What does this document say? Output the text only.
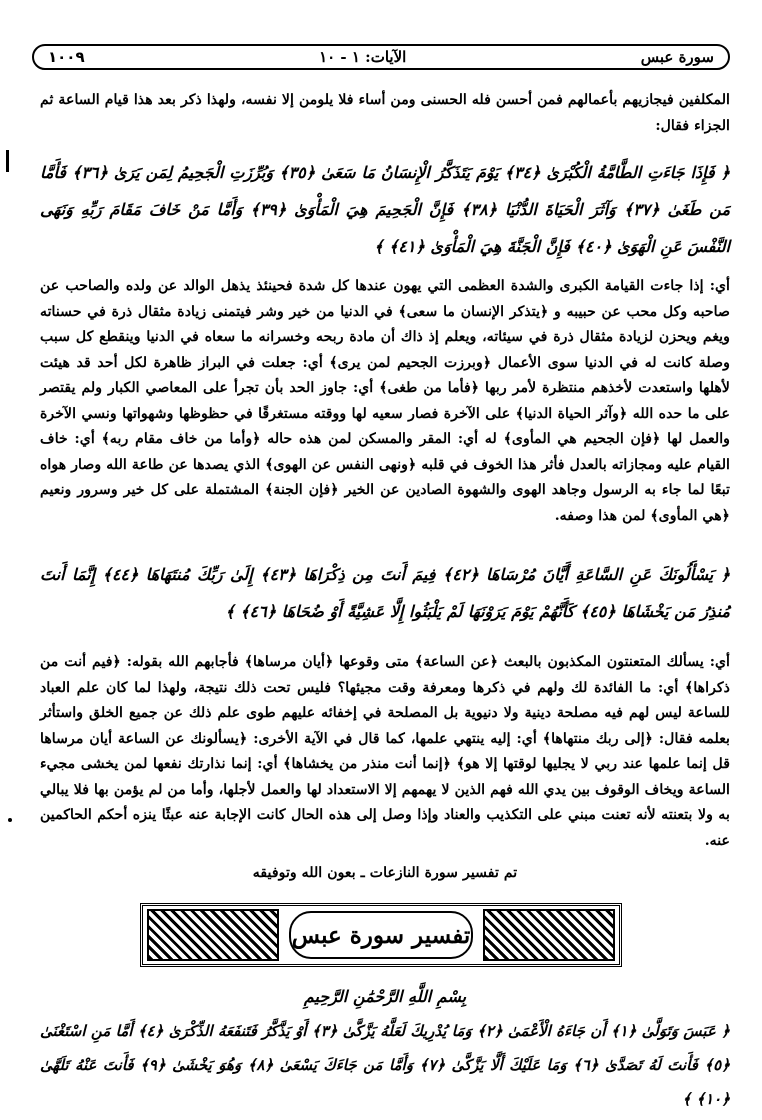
سورة عبس
الآيات: ١ - ١٠
١٠٠٩
المكلفين فيجازيهم بأعمالهم فمن أحسن فله الحسنى ومن أساء فلا يلومن إلا نفسه، ولهذا ذكر بعد هذا قيام الساعة ثم الجزاء فقال:
﴿ فَإِذَا جَاءَتِ الطَّامَّةُ الْكُبْرَىٰ ﴿٣٤﴾ يَوْمَ يَتَذَكَّرُ الْإِنسَانُ مَا سَعَىٰ ﴿٣٥﴾ وَبُرِّزَتِ الْجَحِيمُ لِمَن يَرَىٰ ﴿٣٦﴾ فَأَمَّا مَن طَغَىٰ ﴿٣٧﴾ وَآثَرَ الْحَيَاةَ الدُّنْيَا ﴿٣٨﴾ فَإِنَّ الْجَحِيمَ هِيَ الْمَأْوَىٰ ﴿٣٩﴾ وَأَمَّا مَنْ خَافَ مَقَامَ رَبِّهِ وَنَهَى النَّفْسَ عَنِ الْهَوَىٰ ﴿٤٠﴾ فَإِنَّ الْجَنَّةَ هِيَ الْمَأْوَىٰ ﴿٤١﴾ ﴾
أي: إذا جاءت القيامة الكبرى والشدة العظمى التي يهون عندها كل شدة فحينئذ يذهل الوالد عن ولده والصاحب عن صاحبه وكل محب عن حبيبه و ﴿يتذكر الإنسان ما سعى﴾ في الدنيا من خير وشر فيتمنى زيادة مثقال ذرة في حسناته ويغم ويحزن لزيادة مثقال ذرة في سيئاته، ويعلم إذ ذاك أن مادة ربحه وخسرانه ما سعاه في الدنيا وينقطع كل سبب وصلة كانت له في الدنيا سوى الأعمال ﴿وبرزت الجحيم لمن يرى﴾ أي: جعلت في البراز ظاهرة لكل أحد قد هيئت لأهلها واستعدت لأخذهم منتظرة لأمر ربها ﴿فأما من طغى﴾ أي: جاوز الحد بأن تجرأ على المعاصي الكبار ولم يقتصر على ما حده الله ﴿وآثر الحياة الدنيا﴾ على الآخرة فصار سعيه لها ووقته مستغرقًا في حظوظها وشهواتها ونسي الآخرة والعمل لها ﴿فإن الجحيم هي المأوى﴾ له أي: المقر والمسكن لمن هذه حاله ﴿وأما من خاف مقام ربه﴾ أي: خاف القيام عليه ومجازاته بالعدل فأثر هذا الخوف في قلبه ﴿ونهى النفس عن الهوى﴾ الذي يصدها عن طاعة الله وصار هواه تبعًا لما جاء به الرسول وجاهد الهوى والشهوة الصادين عن الخير ﴿فإن الجنة﴾ المشتملة على كل خير وسرور ونعيم ﴿هي المأوى﴾ لمن هذا وصفه.
﴿ يَسْأَلُونَكَ عَنِ السَّاعَةِ أَيَّانَ مُرْسَاهَا ﴿٤٢﴾ فِيمَ أَنتَ مِن ذِكْرَاهَا ﴿٤٣﴾ إِلَىٰ رَبِّكَ مُنتَهَاهَا ﴿٤٤﴾ إِنَّمَا أَنتَ مُنذِرُ مَن يَخْشَاهَا ﴿٤٥﴾ كَأَنَّهُمْ يَوْمَ يَرَوْنَهَا لَمْ يَلْبَثُوا إِلَّا عَشِيَّةً أَوْ ضُحَاهَا ﴿٤٦﴾ ﴾
أي: يسألك المتعنتون المكذبون بالبعث ﴿عن الساعة﴾ متى وقوعها ﴿أيان مرساها﴾ فأجابهم الله بقوله: ﴿فيم أنت من ذكراها﴾ أي: ما الفائدة لك ولهم في ذكرها ومعرفة وقت مجيئها؟ فليس تحت ذلك نتيجة، ولهذا لما كان علم العباد للساعة ليس لهم فيه مصلحة دينية ولا دنيوية بل المصلحة في إخفائه عليهم طوى علم ذلك عن جميع الخلق واستأثر بعلمه فقال: ﴿إلى ربك منتهاها﴾ أي: إليه ينتهي علمها، كما قال في الآية الأخرى: ﴿يسألونك عن الساعة أيان مرساها قل إنما علمها عند ربي لا يجليها لوقتها إلا هو﴾ ﴿إنما أنت منذر من يخشاها﴾ أي: إنما نذارتك نفعها لمن يخشى مجيء الساعة ويخاف الوقوف بين يدي الله فهم الذين لا يهمهم إلا الاستعداد لها والعمل لأجلها، وأما من لم يؤمن بها فلا يبالي به ولا بتعنته لأنه تعنت مبني على التكذيب والعناد وإذا وصل إلى هذه الحال كانت الإجابة عنه عبثًا ينزه أحكم الحاكمين عنه.
تم تفسير سورة النازعات ـ بعون الله وتوفيقه
تفسير سورة عبس
بِسْمِ اللَّهِ الرَّحْمَٰنِ الرَّحِيمِ
﴿ عَبَسَ وَتَوَلَّىٰ ﴿١﴾ أَن جَاءَهُ الْأَعْمَىٰ ﴿٢﴾ وَمَا يُدْرِيكَ لَعَلَّهُ يَزَّكَّىٰ ﴿٣﴾ أَوْ يَذَّكَّرُ فَتَنفَعَهُ الذِّكْرَىٰ ﴿٤﴾ أَمَّا مَنِ اسْتَغْنَىٰ ﴿٥﴾ فَأَنتَ لَهُ تَصَدَّىٰ ﴿٦﴾ وَمَا عَلَيْكَ أَلَّا يَزَّكَّىٰ ﴿٧﴾ وَأَمَّا مَن جَاءَكَ يَسْعَىٰ ﴿٨﴾ وَهُوَ يَخْشَىٰ ﴿٩﴾ فَأَنتَ عَنْهُ تَلَهَّىٰ ﴿١٠﴾ ﴾
